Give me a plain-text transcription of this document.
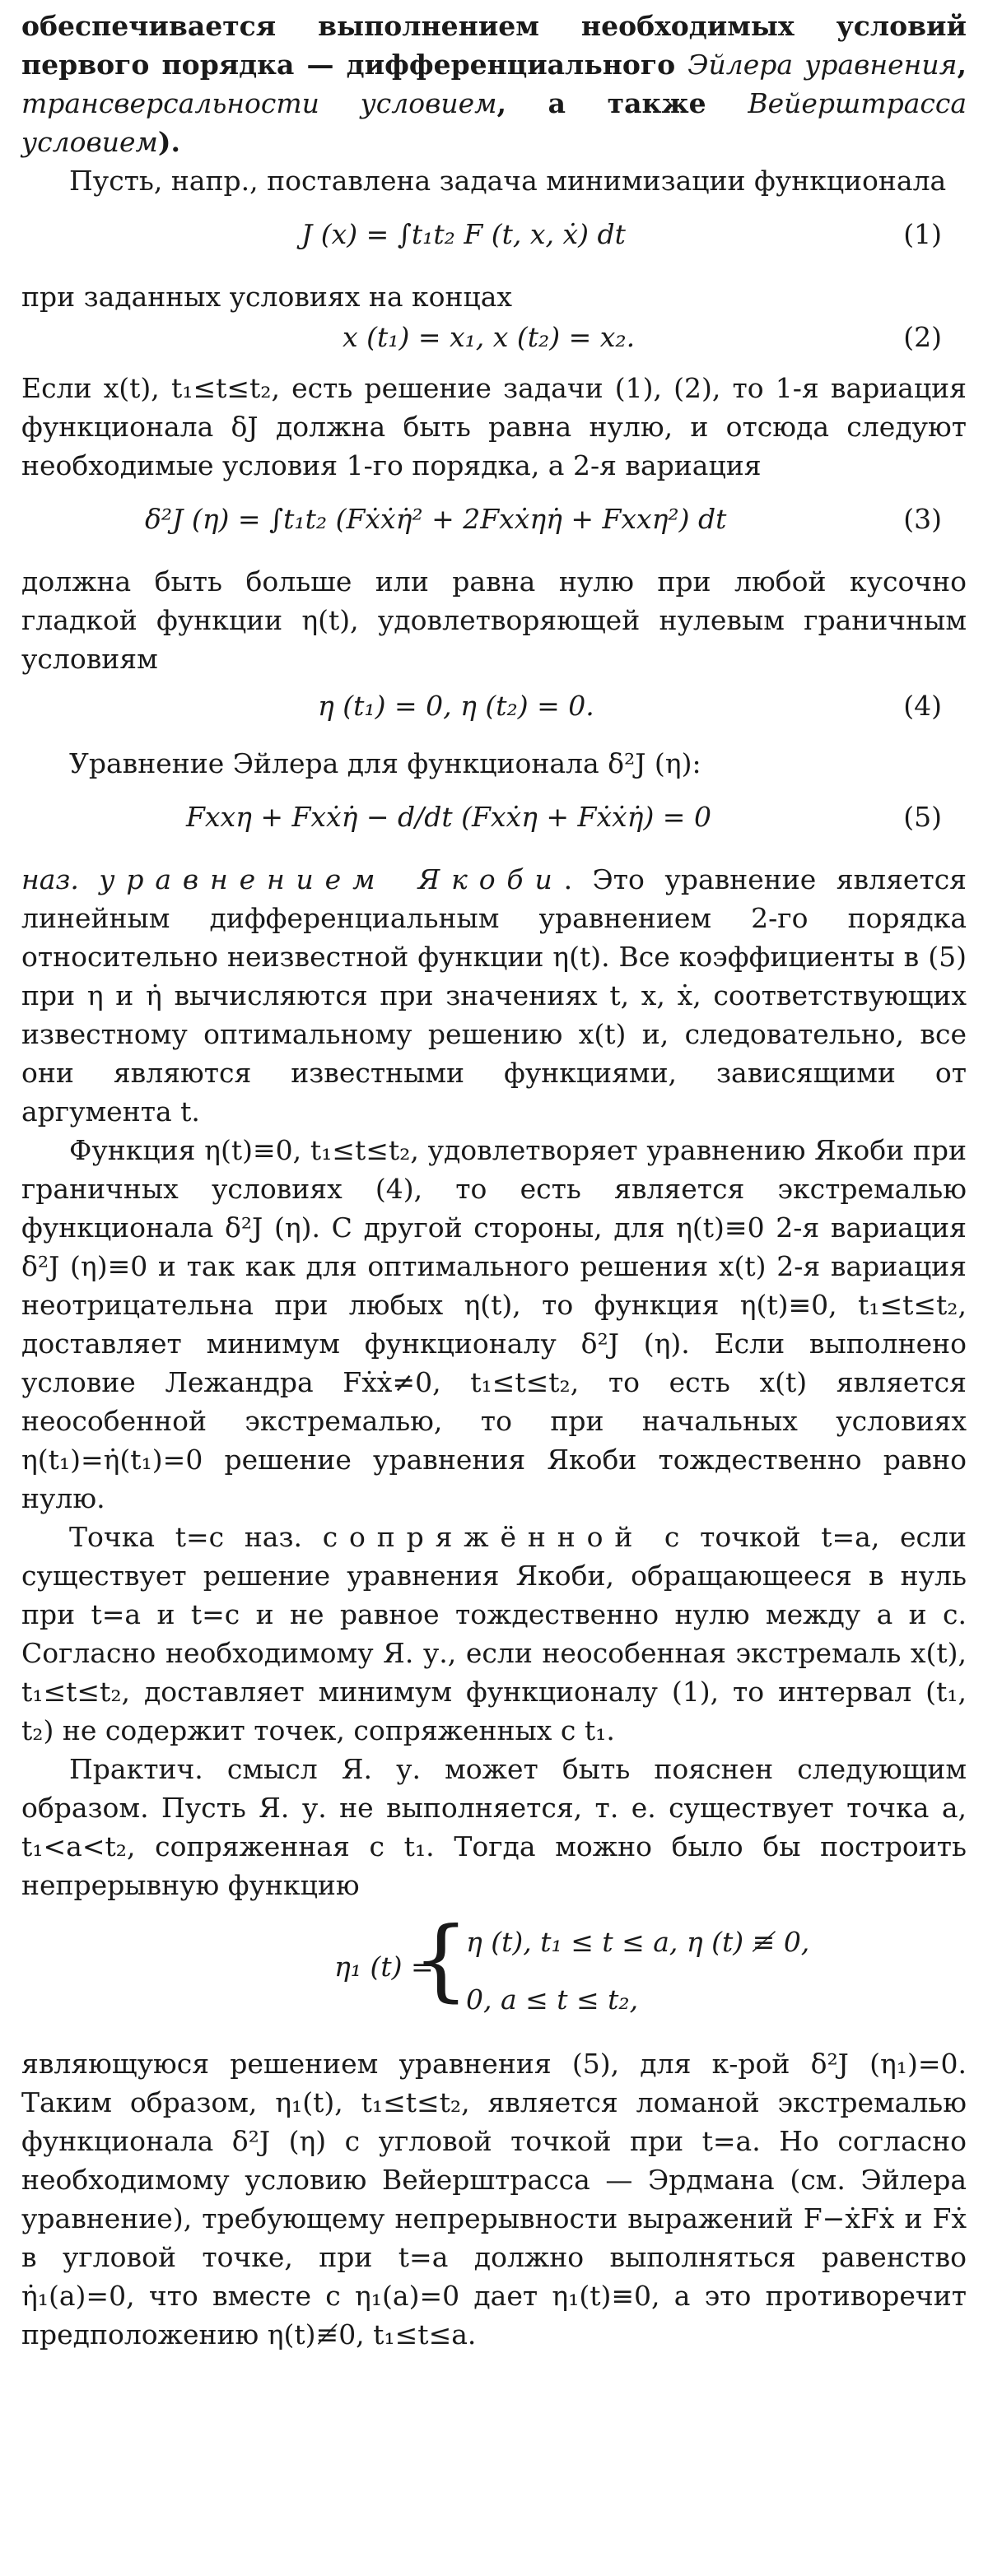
обеспечивается выполнением необходимых условий первого порядка — дифференциального Эйлера уравнения, трансверсальности условием, а также Вейерштрасса условием).

Пусть, напр., поставлена задача минимизации функционала

J (x) = ∫t₁t₂ F (t, x, ẋ) dt	(1)

при заданных условиях на концах

x (t₁) = x₁, x (t₂) = x₂.	(2)

Если x(t), t₁≤t≤t₂, есть решение задачи (1), (2), то 1-я вариация функционала δJ должна быть равна нулю, и отсюда следуют необходимые условия 1-го порядка, а 2-я вариация

δ²J (η) = ∫t₁t₂ (Fẋẋη̇² + 2Fxẋηη̇ + Fxxη²) dt	(3)

должна быть больше или равна нулю при любой кусочно гладкой функции η(t), удовлетворяющей нулевым граничным условиям

η (t₁) = 0, η (t₂) = 0.	(4)

Уравнение Эйлера для функционала δ²J (η):

Fxxη + Fxẋη̇ − d/dt (Fxẋη + Fẋẋη̇) = 0	(5)

наз. уравнением Якоби. Это уравнение является линейным дифференциальным уравнением 2-го порядка относительно неизвестной функции η(t). Все коэффициенты в (5) при η и η̇ вычисляются при значениях t, x, ẋ, соответствующих известному оптимальному решению x(t) и, следовательно, все они являются известными функциями, зависящими от аргумента t.

Функция η(t)≡0, t₁≤t≤t₂, удовлетворяет уравнению Якоби при граничных условиях (4), то есть является экстремалью функционала δ²J (η). С другой стороны, для η(t)≡0 2-я вариация δ²J (η)≡0 и так как для оптимального решения x(t) 2-я вариация неотрицательна при любых η(t), то функция η(t)≡0, t₁≤t≤t₂, доставляет минимум функционалу δ²J (η). Если выполнено условие Лежандра Fẋẋ≠0, t₁≤t≤t₂, то есть x(t) является неособенной экстремалью, то при начальных условиях η(t₁)=η̇(t₁)=0 решение уравнения Якоби тождественно равно нулю.

Точка t=c наз. сопряжённой с точкой t=a, если существует решение уравнения Якоби, обращающееся в нуль при t=a и t=c и не равное тождественно нулю между a и c. Согласно необходимому Я. у., если неособенная экстремаль x(t), t₁≤t≤t₂, доставляет минимум функционалу (1), то интервал (t₁, t₂) не содержит точек, сопряженных с t₁.

Практич. смысл Я. у. может быть пояснен следующим образом. Пусть Я. у. не выполняется, т. е. существует точка a, t₁<a<t₂, сопряженная с t₁. Тогда можно было бы построить непрерывную функцию

η₁ (t) =
{
η (t), t₁ ≤ t ≤ a, η (t) ≢ 0,
0, a ≤ t ≤ t₂,

являющуюся решением уравнения (5), для к-рой δ²J (η₁)=0. Таким образом, η₁(t), t₁≤t≤t₂, является ломаной экстремалью функционала δ²J (η) с угловой точкой при t=a. Но согласно необходимому условию Вейерштрасса — Эрдмана (см. Эйлера уравнение), требующему непрерывности выражений F−ẋFẋ и Fẋ в угловой точке, при t=a должно выполняться равенство η̇₁(a)=0, что вместе с η₁(a)=0 дает η₁(t)≡0, а это противоречит предположению η(t)≢0, t₁≤t≤a.
